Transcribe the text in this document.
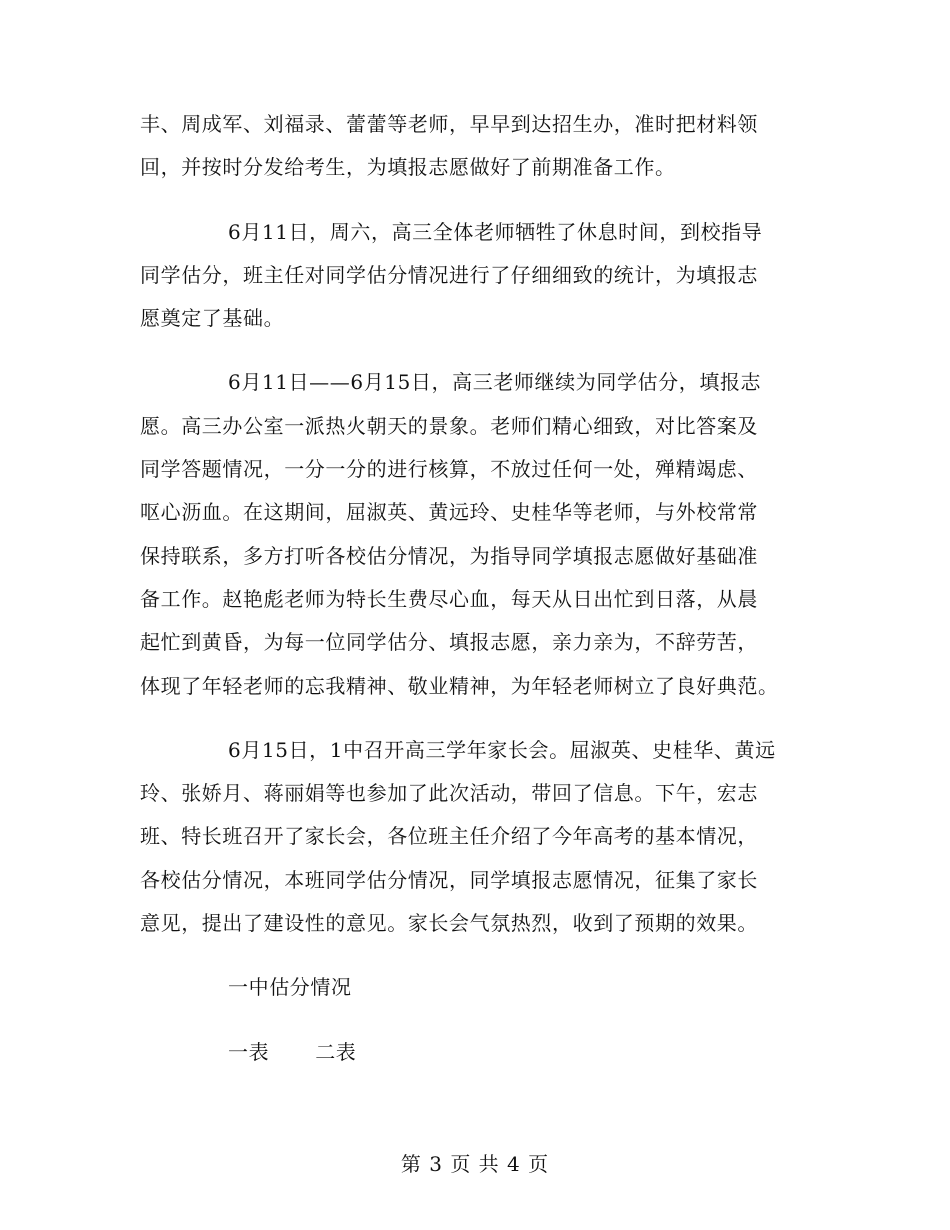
丰、周成军、刘福录、蕾蕾等老师，早早到达招生办，准时把材料领
回，并按时分发给考生，为填报志愿做好了前期准备工作。
6月11日，周六，高三全体老师牺牲了休息时间，到校指导
同学估分，班主任对同学估分情况进行了仔细细致的统计，为填报志
愿奠定了基础。
6月11日——6月15日，高三老师继续为同学估分，填报志
愿。高三办公室一派热火朝天的景象。老师们精心细致，对比答案及
同学答题情况，一分一分的进行核算，不放过任何一处，殚精竭虑、
呕心沥血。在这期间，屈淑英、黄远玲、史桂华等老师，与外校常常
保持联系，多方打听各校估分情况，为指导同学填报志愿做好基础准
备工作。赵艳彪老师为特长生费尽心血，每天从日出忙到日落，从晨
起忙到黄昏，为每一位同学估分、填报志愿，亲力亲为，不辞劳苦，
体现了年轻老师的忘我精神、敬业精神，为年轻老师树立了良好典范。
6月15日，1中召开高三学年家长会。屈淑英、史桂华、黄远
玲、张娇月、蒋丽娟等也参加了此次活动，带回了信息。下午，宏志
班、特长班召开了家长会，各位班主任介绍了今年高考的基本情况，
各校估分情况，本班同学估分情况，同学填报志愿情况，征集了家长
意见，提出了建设性的意见。家长会气氛热烈，收到了预期的效果。
一中估分情况
一表 二表
第 3 页 共 4 页
